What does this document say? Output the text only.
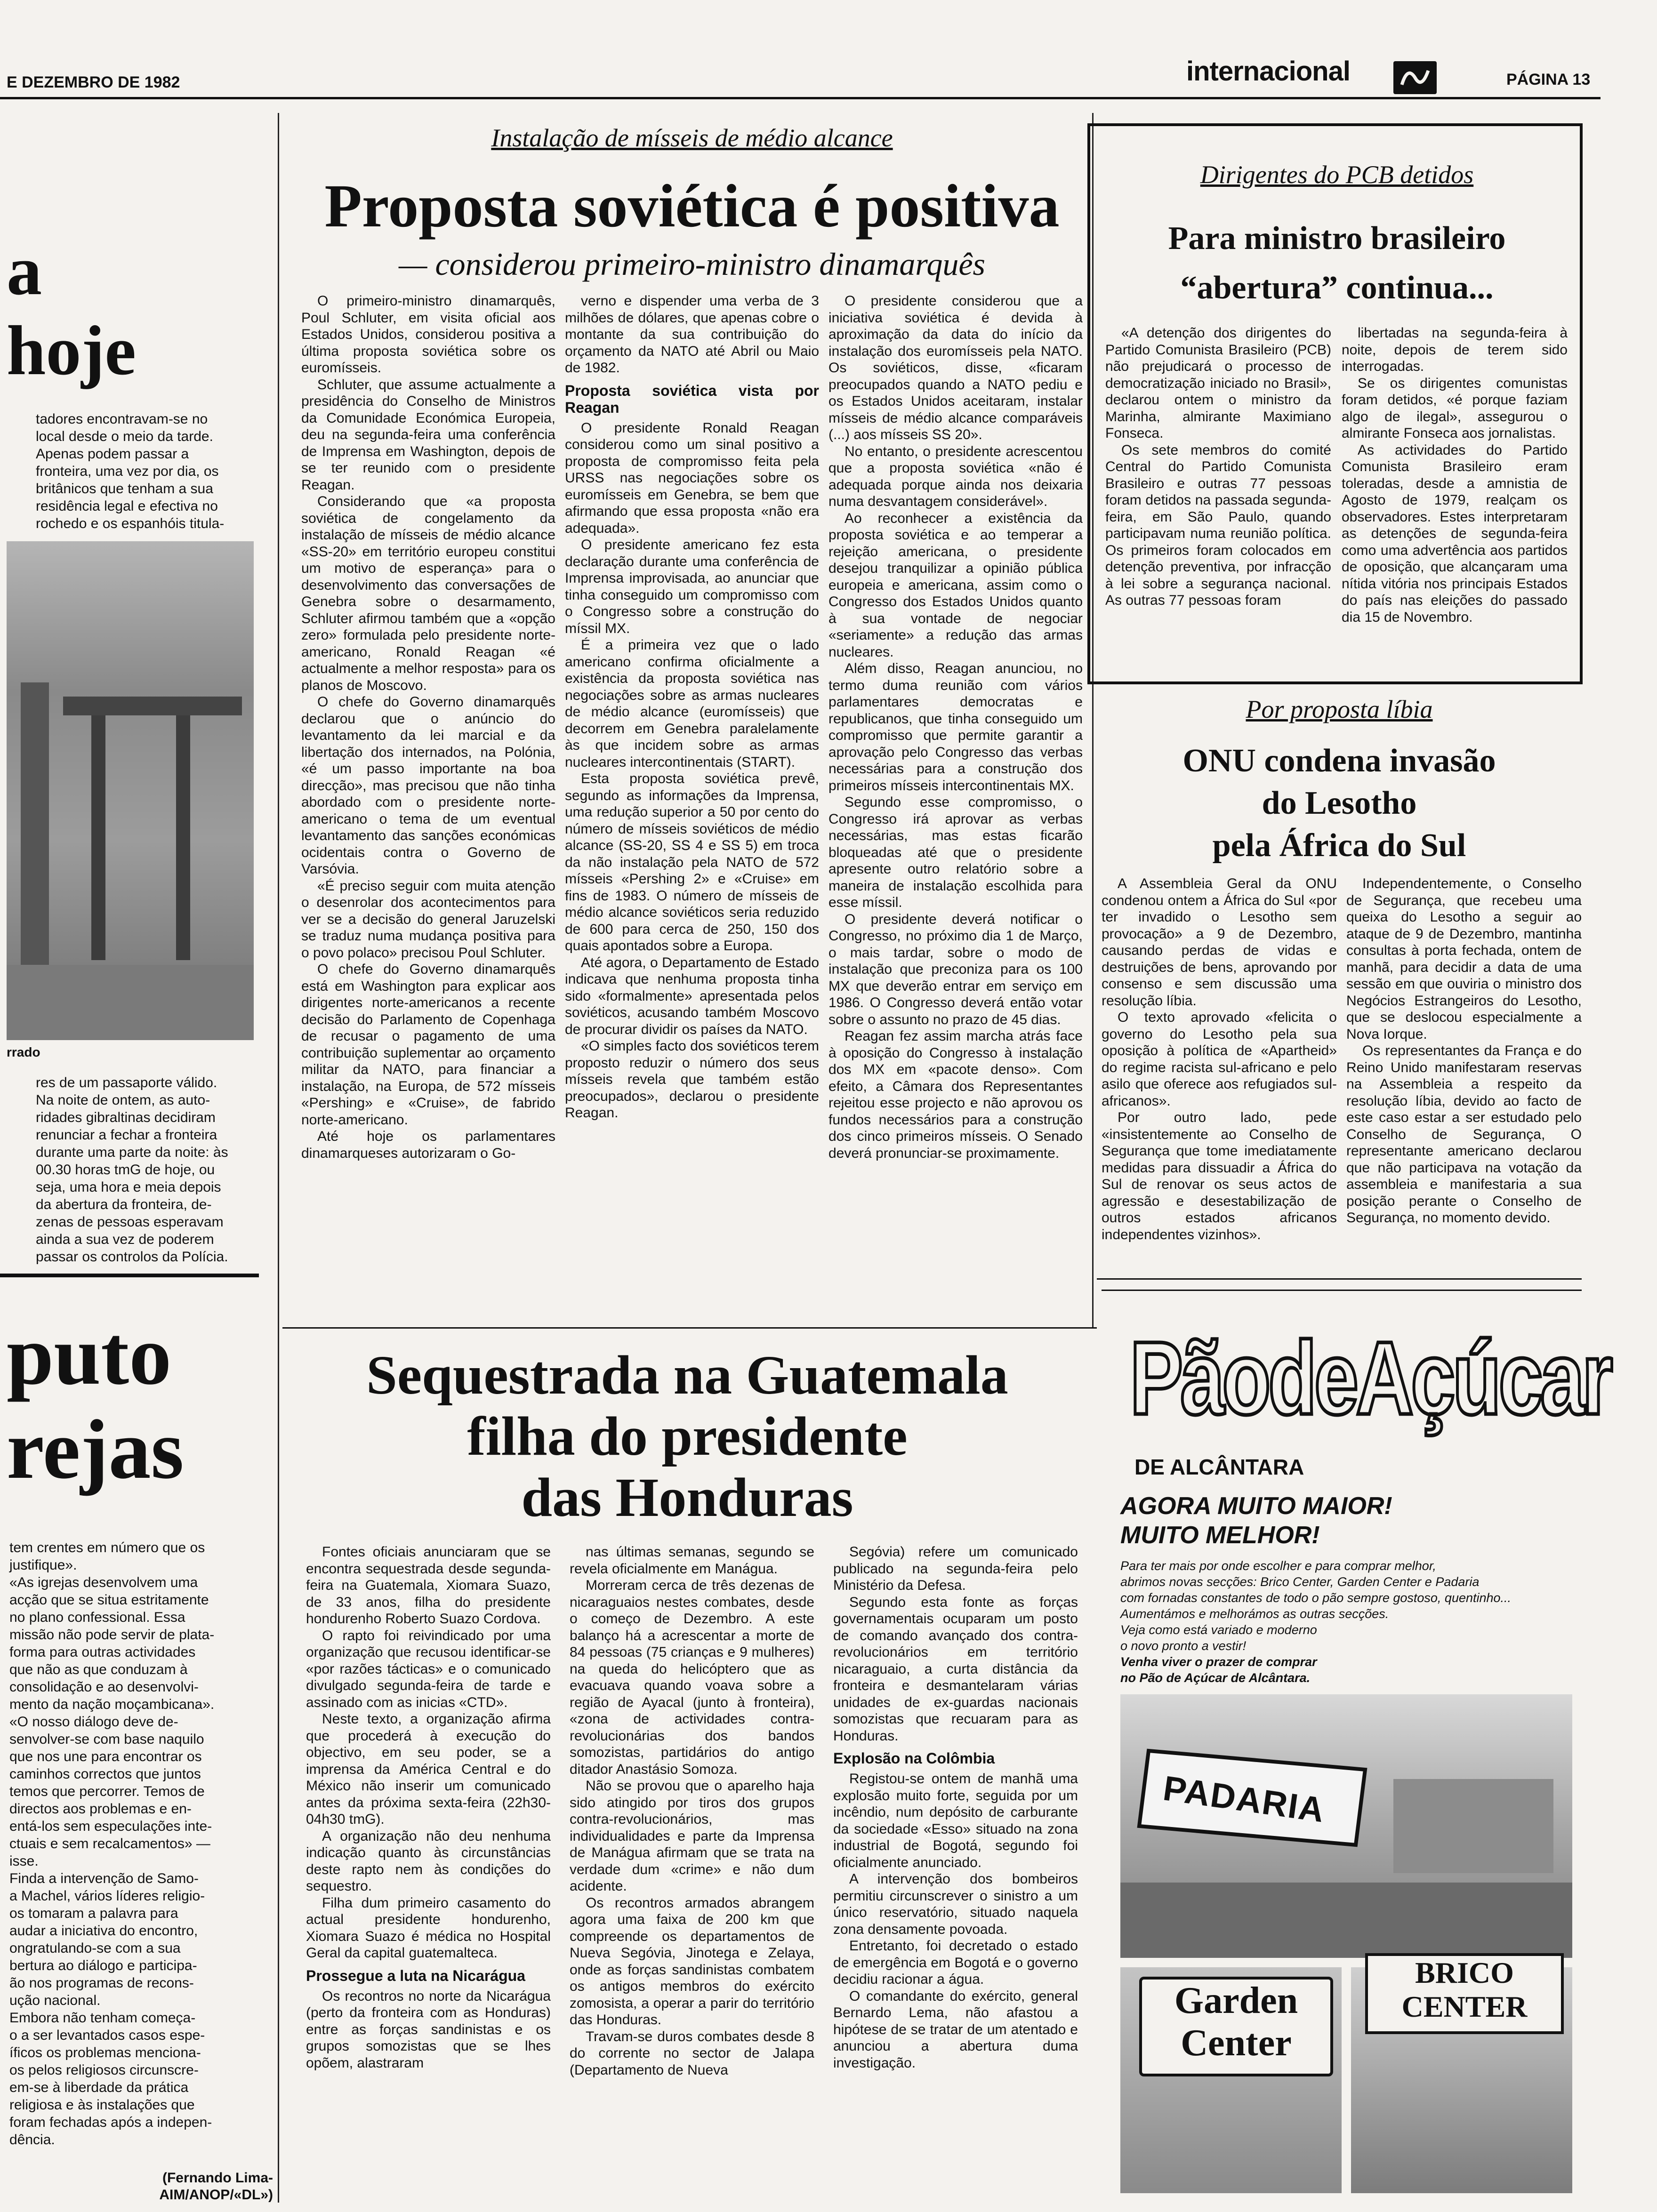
E DEZEMBRO DE 1982	internacional	PÁGINA 13
a
hoje
tadores encontravam-se no
local desde o meio da tarde.
Apenas podem passar a
fronteira, uma vez por dia, os
britânicos que tenham a sua
residência legal e efectiva no
rochedo e os espanhóis titula-
rrado
res de um passaporte válido.
Na noite de ontem, as auto-
ridades gibraltinas decidiram
renunciar a fechar a fronteira
durante uma parte da noite: às
00.30 horas tmG de hoje, ou
seja, uma hora e meia depois
da abertura da fronteira, de-
zenas de pessoas esperavam
ainda a sua vez de poderem
passar os controlos da Polícia.
puto
rejas
tem crentes em número que os
justifique».
«As igrejas desenvolvem uma
acção que se situa estritamente
no plano confessional. Essa
missão não pode servir de plata-
forma para outras actividades
que não as que conduzam à
consolidação e ao desenvolvi-
mento da nação moçambicana».
«O nosso diálogo deve de-
senvolver-se com base naquilo
que nos une para encontrar os
caminhos correctos que juntos
temos que percorrer. Temos de
directos aos problemas e en-
entá-los sem especulações inte-
ctuais e sem recalcamentos» —
isse.
Finda a intervenção de Samo-
a Machel, vários líderes religio-
os tomaram a palavra para
audar a iniciativa do encontro,
ongratulando-se com a sua
bertura ao diálogo e participa-
ão nos programas de recons-
ução nacional.
Embora não tenham começa-
o a ser levantados casos espe-
íficos os problemas menciona-
os pelos religiosos circunscre-
em-se à liberdade da prática
religiosa e às instalações que
foram fechadas após a indepen-
dência.
(Fernando Lima-
AIM/ANOP/«DL»)
Instalação de mísseis de médio alcance
Proposta soviética é positiva
— considerou primeiro-ministro dinamarquês

O primeiro-ministro dinamarquês, Poul Schluter, em visita oficial aos Estados Unidos, considerou positiva a última proposta soviética sobre os euromísseis.

Schluter, que assume actualmente a presidência do Conselho de Ministros da Comunidade Económica Europeia, deu na segunda-feira uma conferência de Imprensa em Washington, depois de se ter reunido com o presidente Reagan.

Considerando que «a proposta soviética de congelamento da instalação de mísseis de médio alcance «SS-20» em território europeu constitui um motivo de esperança» para o desenvolvimento das conversações de Genebra sobre o desarmamento, Schluter afirmou também que a «opção zero» formulada pelo presidente norte-americano, Ronald Reagan «é actualmente a melhor resposta» para os planos de Moscovo.

O chefe do Governo dinamarquês declarou que o anúncio do levantamento da lei marcial e da libertação dos internados, na Polónia, «é um passo importante na boa direcção», mas precisou que não tinha abordado com o presidente norte-americano o tema de um eventual levantamento das sanções económicas ocidentais contra o Governo de Varsóvia.

«É preciso seguir com muita atenção o desenrolar dos acontecimentos para ver se a decisão do general Jaruzelski se traduz numa mudança positiva para o povo polaco» precisou Poul Schluter.

O chefe do Governo dinamarquês está em Washington para explicar aos dirigentes norte-americanos a recente decisão do Parlamento de Copenhaga de recusar o pagamento de uma contribuição suplementar ao orçamento militar da NATO, para financiar a instalação, na Europa, de 572 mísseis «Pershing» e «Cruise», de fabrido norte-americano.

Até hoje os parlamentares dinamarqueses autorizaram o Go-

verno e dispender uma verba de 3 milhões de dólares, que apenas cobre o montante da sua contribuição do orçamento da NATO até Abril ou Maio de 1982.

Proposta soviética vista por Reagan

O presidente Ronald Reagan considerou como um sinal positivo a proposta de compromisso feita pela URSS nas negociações sobre os euromísseis em Genebra, se bem que afirmando que essa proposta «não era adequada».

O presidente americano fez esta declaração durante uma conferência de Imprensa improvisada, ao anunciar que tinha conseguido um compromisso com o Congresso sobre a construção do míssil MX.

É a primeira vez que o lado americano confirma oficialmente a existência da proposta soviética nas negociações sobre as armas nucleares de médio alcance (euromísseis) que decorrem em Genebra paralelamente às que incidem sobre as armas nucleares intercontinentais (START).

Esta proposta soviética prevê, segundo as informações da Imprensa, uma redução superior a 50 por cento do número de mísseis soviéticos de médio alcance (SS-20, SS 4 e SS 5) em troca da não instalação pela NATO de 572 mísseis «Pershing 2» e «Cruise» em fins de 1983. O número de mísseis de médio alcance soviéticos seria reduzido de 600 para cerca de 250, 150 dos quais apontados sobre a Europa.

Até agora, o Departamento de Estado indicava que nenhuma proposta tinha sido «formalmente» apresentada pelos soviéticos, acusando também Moscovo de procurar dividir os países da NATO.

«O simples facto dos soviéticos terem proposto reduzir o número dos seus mísseis revela que também estão preocupados», declarou o presidente Reagan.

O presidente considerou que a iniciativa soviética é devida à aproximação da data do início da instalação dos euromísseis pela NATO. Os soviéticos, disse, «ficaram preocupados quando a NATO pediu e os Estados Unidos aceitaram, instalar mísseis de médio alcance comparáveis (...) aos mísseis SS 20».

No entanto, o presidente acrescentou que a proposta soviética «não é adequada porque ainda nos deixaria numa desvantagem considerável».

Ao reconhecer a existência da proposta soviética e ao temperar a rejeição americana, o presidente desejou tranquilizar a opinião pública europeia e americana, assim como o Congresso dos Estados Unidos quanto à sua vontade de negociar «seriamente» a redução das armas nucleares.

Além disso, Reagan anunciou, no termo duma reunião com vários parlamentares democratas e republicanos, que tinha conseguido um compromisso que permite garantir a aprovação pelo Congresso das verbas necessárias para a construção dos primeiros mísseis intercontinentais MX.

Segundo esse compromisso, o Congresso irá aprovar as verbas necessárias, mas estas ficarão bloqueadas até que o presidente apresente outro relatório sobre a maneira de instalação escolhida para esse míssil.

O presidente deverá notificar o Congresso, no próximo dia 1 de Março, o mais tardar, sobre o modo de instalação que preconiza para os 100 MX que deverão entrar em serviço em 1986. O Congresso deverá então votar sobre o assunto no prazo de 45 dias.

Reagan fez assim marcha atrás face à oposição do Congresso à instalação dos MX em «pacote denso». Com efeito, a Câmara dos Representantes rejeitou esse projecto e não aprovou os fundos necessários para a construção dos cinco primeiros mísseis. O Senado deverá pronunciar-se proximamente.

Dirigentes do PCB detidos
Para ministro brasileiro
“abertura” continua...

«A detenção dos dirigentes do Partido Comunista Brasileiro (PCB) não prejudicará o processo de democratização iniciado no Brasil», declarou ontem o ministro da Marinha, almirante Maximiano Fonseca.

Os sete membros do comité Central do Partido Comunista Brasileiro e outras 77 pessoas foram detidos na passada segunda-feira, em São Paulo, quando participavam numa reunião política. Os primeiros foram colocados em detenção preventiva, por infracção à lei sobre a segurança nacional. As outras 77 pessoas foram

libertadas na segunda-feira à noite, depois de terem sido interrogadas.

Se os dirigentes comunistas foram detidos, «é porque faziam algo de ilegal», assegurou o almirante Fonseca aos jornalistas.

As actividades do Partido Comunista Brasileiro eram toleradas, desde a amnistia de Agosto de 1979, realçam os observadores. Estes interpretaram as detenções de segunda-feira como uma advertência aos partidos de oposição, que alcançaram uma nítida vitória nos principais Estados do país nas eleições do passado dia 15 de Novembro.

Por proposta líbia
ONU condena invasão
do Lesotho
pela África do Sul

A Assembleia Geral da ONU condenou ontem a África do Sul «por ter invadido o Lesotho sem provocação» a 9 de Dezembro, causando perdas de vidas e destruições de bens, aprovando por consenso e sem discussão uma resolução líbia.

O texto aprovado «felicita o governo do Lesotho pela sua oposição à política de «Apartheid» do regime racista sul-africano e pelo asilo que oferece aos refugiados sul-africanos».

Por outro lado, pede «insistentemente ao Conselho de Segurança que tome imediatamente medidas para dissuadir a África do Sul de renovar os seus actos de agressão e desestabilização de outros estados africanos independentes vizinhos».

Independentemente, o Conselho de Segurança, que recebeu uma queixa do Lesotho a seguir ao ataque de 9 de Dezembro, mantinha consultas à porta fechada, ontem de manhã, para decidir a data de uma sessão em que ouviria o ministro dos Negócios Estrangeiros do Lesotho, que se deslocou especialmente a Nova Iorque.

Os representantes da França e do Reino Unido manifestaram reservas na Assembleia a respeito da resolução líbia, devido ao facto de este caso estar a ser estudado pelo Conselho de Segurança, O representante americano declarou que não participava na votação da assembleia e manifestaria a sua posição perante o Conselho de Segurança, no momento devido.

Sequestrada na Guatemala
filha do presidente
das Honduras

Fontes oficiais anunciaram que se encontra sequestrada desde segunda-feira na Guatemala, Xiomara Suazo, de 33 anos, filha do presidente hondurenho Roberto Suazo Cordova.

O rapto foi reivindicado por uma organização que recusou identificar-se «por razões tácticas» e o comunicado divulgado segunda-feira de tarde e assinado com as inicias «CTD».

Neste texto, a organização afirma que procederá à execução do objectivo, em seu poder, se a imprensa da América Central e do México não inserir um comunicado antes da próxima sexta-feira (22h30-04h30 tmG).

A organização não deu nenhuma indicação quanto às circunstâncias deste rapto nem às condições do sequestro.

Filha dum primeiro casamento do actual presidente hondurenho, Xiomara Suazo é médica no Hospital Geral da capital guatemalteca.

Prossegue a luta na Nicarágua

Os recontros no norte da Nicarágua (perto da fronteira com as Honduras) entre as forças sandinistas e os grupos somozistas que se lhes opõem, alastraram

nas últimas semanas, segundo se revela oficialmente em Manágua.

Morreram cerca de três dezenas de nicaraguaios nestes combates, desde o começo de Dezembro. A este balanço há a acrescentar a morte de 84 pessoas (75 crianças e 9 mulheres) na queda do helicóptero que as evacuava quando voava sobre a região de Ayacal (junto à fronteira), «zona de actividades contra-revolucionárias dos bandos somozistas, partidários do antigo ditador Anastásio Somoza.

Não se provou que o aparelho haja sido atingido por tiros dos grupos contra-revolucionários, mas individualidades e parte da Imprensa de Manágua afirmam que se trata na verdade dum «crime» e não dum acidente.

Os recontros armados abrangem agora uma faixa de 200 km que compreende os departamentos de Nueva Segóvia, Jinotega e Zelaya, onde as forças sandinistas combatem os antigos membros do exército zomosista, a operar a parir do território das Honduras.

Travam-se duros combates desde 8 do corrente no sector de Jalapa (Departamento de Nueva

Segóvia) refere um comunicado publicado na segunda-feira pelo Ministério da Defesa.

Segundo esta fonte as forças governamentais ocuparam um posto de comando avançado dos contra-revolucionários em território nicaraguaio, a curta distância da fronteira e desmantelaram várias unidades de ex-guardas nacionais somozistas que recuaram para as Honduras.

Explosão na Colômbia

Registou-se ontem de manhã uma explosão muito forte, seguida por um incêndio, num depósito de carburante da sociedade «Esso» situado na zona industrial de Bogotá, segundo foi oficialmente anunciado.

A intervenção dos bombeiros permitiu circunscrever o sinistro a um único reservatório, situado naquela zona densamente povoada.

Entretanto, foi decretado o estado de emergência em Bogotá e o governo decidiu racionar a água.

O comandante do exército, general Bernardo Lema, não afastou a hipótese de se tratar de um atentado e anunciou a abertura duma investigação.

PãodeAçúcar
DE ALCÂNTARA
AGORA MUITO MAIOR!
MUITO MELHOR!
Para ter mais por onde escolher e para comprar melhor,
abrimos novas secções: Brico Center, Garden Center e Padaria
com fornadas constantes de todo o pão sempre gostoso, quentinho...
Aumentámos e melhorámos as outras secções.
Veja como está variado e moderno
o novo pronto a vestir!
Venha viver o prazer de comprar
no Pão de Açúcar de Alcântara.
PADARIA
Garden
Center
BRICO
CENTER
